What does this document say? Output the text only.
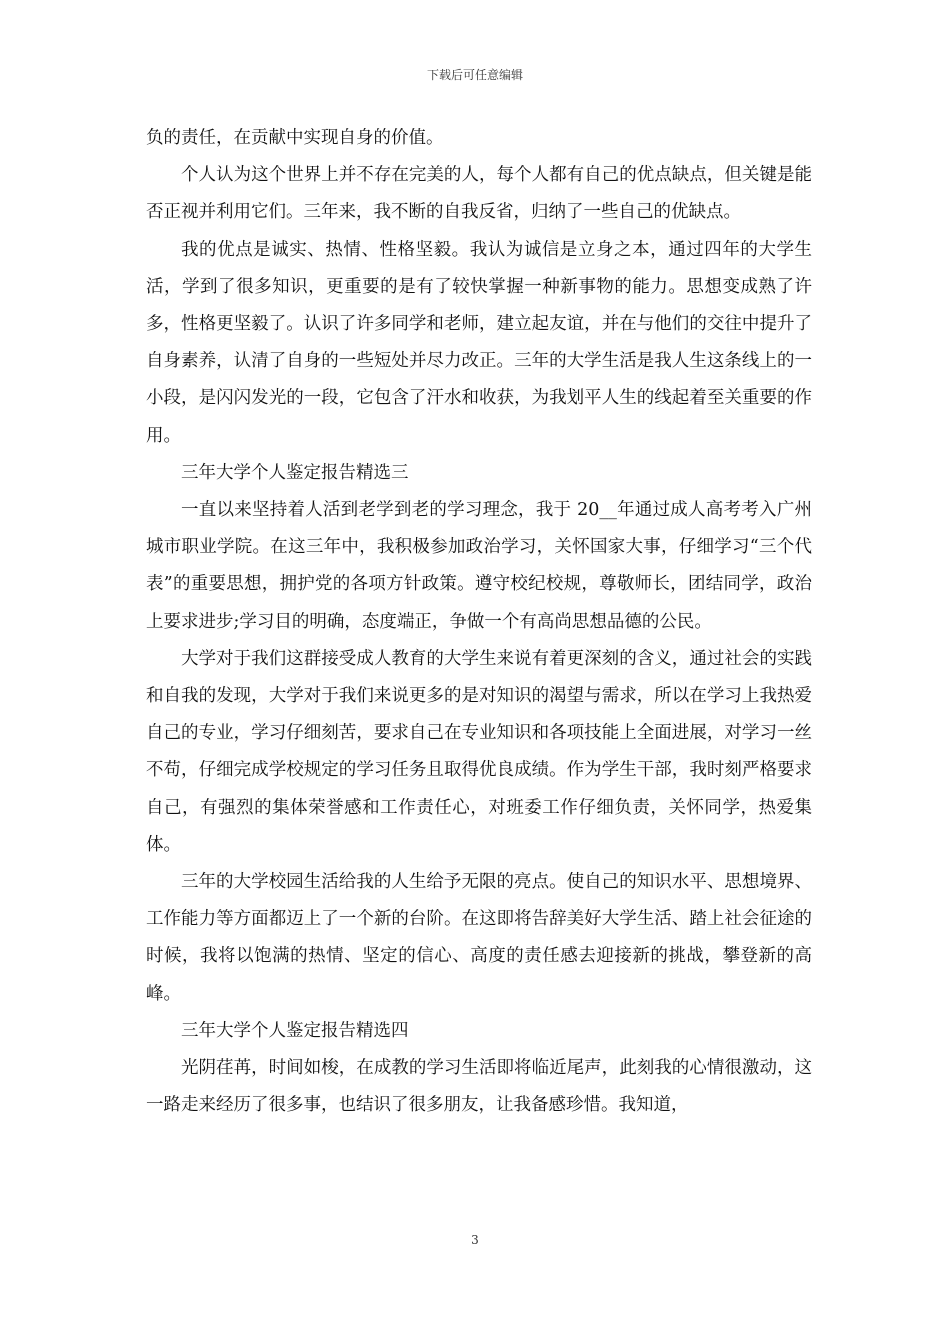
下载后可任意编辑

负的责任，在贡献中实现自身的价值。

个人认为这个世界上并不存在完美的人，每个人都有自己的优点缺点，但关键是能否正视并利用它们。三年来，我不断的自我反省，归纳了一些自己的优缺点。

我的优点是诚实、热情、性格坚毅。我认为诚信是立身之本，通过四年的大学生活，学到了很多知识，更重要的是有了较快掌握一种新事物的能力。思想变成熟了许多，性格更坚毅了。认识了许多同学和老师，建立起友谊，并在与他们的交往中提升了自身素养，认清了自身的一些短处并尽力改正。三年的大学生活是我人生这条线上的一小段，是闪闪发光的一段，它包含了汗水和收获，为我划平人生的线起着至关重要的作用。

三年大学个人鉴定报告精选三

一直以来坚持着人活到老学到老的学习理念，我于 20__年通过成人高考考入广州城市职业学院。在这三年中，我积极参加政治学习，关怀国家大事，仔细学习“三个代表”的重要思想，拥护党的各项方针政策。遵守校纪校规，尊敬师长，团结同学，政治上要求进步;学习目的明确，态度端正，争做一个有高尚思想品德的公民。

大学对于我们这群接受成人教育的大学生来说有着更深刻的含义，通过社会的实践和自我的发现，大学对于我们来说更多的是对知识的渴望与需求，所以在学习上我热爱自己的专业，学习仔细刻苦，要求自己在专业知识和各项技能上全面进展，对学习一丝不苟，仔细完成学校规定的学习任务且取得优良成绩。作为学生干部，我时刻严格要求自己，有强烈的集体荣誉感和工作责任心，对班委工作仔细负责，关怀同学，热爱集体。

三年的大学校园生活给我的人生给予无限的亮点。使自己的知识水平、思想境界、工作能力等方面都迈上了一个新的台阶。在这即将告辞美好大学生活、踏上社会征途的时候，我将以饱满的热情、坚定的信心、高度的责任感去迎接新的挑战，攀登新的高峰。

三年大学个人鉴定报告精选四

光阴荏苒，时间如梭，在成教的学习生活即将临近尾声，此刻我的心情很激动，这一路走来经历了很多事，也结识了很多朋友，让我备感珍惜。我知道，

3
